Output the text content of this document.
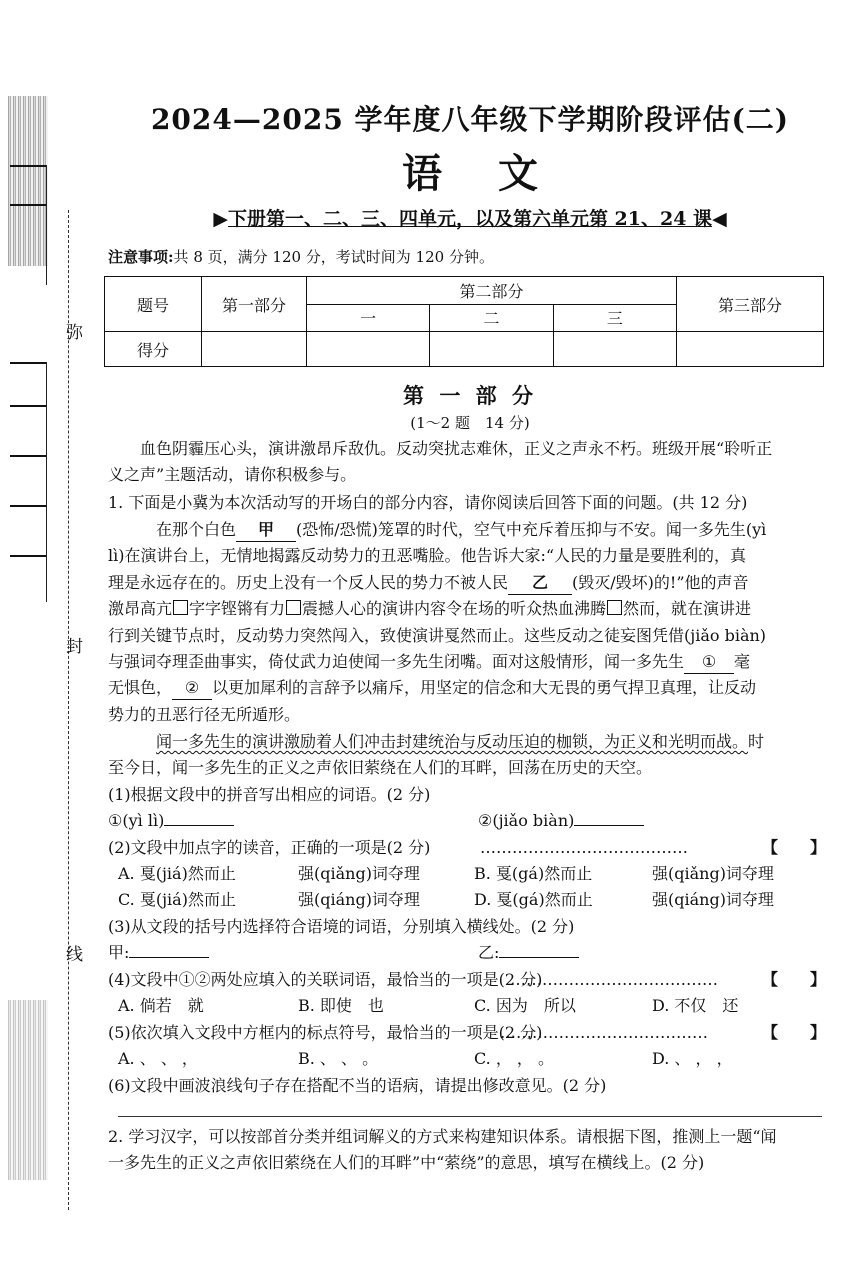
弥
封
线
2024—2025 学年度八年级下学期阶段评估(二)
语文
▶下册第一、二、三、四单元，以及第六单元第 21、24 课◀
注意事项:共 8 页，满分 120 分，考试时间为 120 分钟。
题号	第一部分	第二部分			第三部分
		一	二	三	
得分					
第 一 部 分
(1～2 题　14 分)
血色阴霾压心头，演讲激昂斥敌仇。反动突扰志难休，正义之声永不朽。班级开展“聆听正
义之声”主题活动，请你积极参与。
1. 下面是小冀为本次活动写的开场白的部分内容，请你阅读后回答下面的问题。(共 12 分)
在那个白色 甲 (恐怖/恐慌)笼罩的时代，空气中充斥着压抑与不安。闻一多先生(yì
lì)在演讲台上，无情地揭露反动势力的丑恶嘴脸。他告诉大家:“人民的力量是要胜利的，真
理是永远存在的。历史上没有一个反人民的势力不被人民 乙 (毁灭/毁坏)的!”他的声音
激昂高亢 字字铿锵有力 震撼人心的演讲内容令在场的听众热血沸腾 然而，就在演讲进
行到关键节点时，反动势力突然闯入，致使演讲戛然而止。这些反动之徒妄图凭借(jiǎo biàn)
与强词夺理歪曲事实，倚仗武力迫使闻一多先生闭嘴。面对这般情形，闻一多先生 ① 毫
无惧色， ② 以更加犀利的言辞予以痛斥，用坚定的信念和大无畏的勇气捍卫真理，让反动
势力的丑恶行径无所遁形。
闻一多先生的演讲激励着人们冲击封建统治与反动压迫的枷锁，为正义和光明而战。时
至今日，闻一多先生的正义之声依旧萦绕在人们的耳畔，回荡在历史的天空。
(1)根据文段中的拼音写出相应的词语。(2 分)
①(yì lì)	②(jiǎo biàn)
(2)文段中加点字的读音，正确的一项是(2 分)	…………………………………	【　　】
A. 戛(jiá)然而止	强(qiǎng)词夺理	B. 戛(gá)然而止	强(qiǎng)词夺理
C. 戛(jiá)然而止	强(qiáng)词夺理	D. 戛(gá)然而止	强(qiáng)词夺理
(3)从文段的括号内选择符合语境的词语，分别填入横线处。(2 分)
甲:	乙:
(4)文段中①②两处应填入的关联词语，最恰当的一项是(2 分)
…………………………………	【　　】
A. 倘若　就	B. 即使　也	C. 因为　所以	D. 不仅　还
(5)依次填入文段中方框内的标点符号，最恰当的一项是(2 分)
…………………………………	【　　】
A. 、 、 ，	B. 、 、 。	C. ， ， 。	D. 、 ， ，
(6)文段中画波浪线句子存在搭配不当的语病，请提出修改意见。(2 分)
2. 学习汉字，可以按部首分类并组词解义的方式来构建知识体系。请根据下图，推测上一题“闻
一多先生的正义之声依旧萦绕在人们的耳畔”中“萦绕”的意思，填写在横线上。(2 分)
